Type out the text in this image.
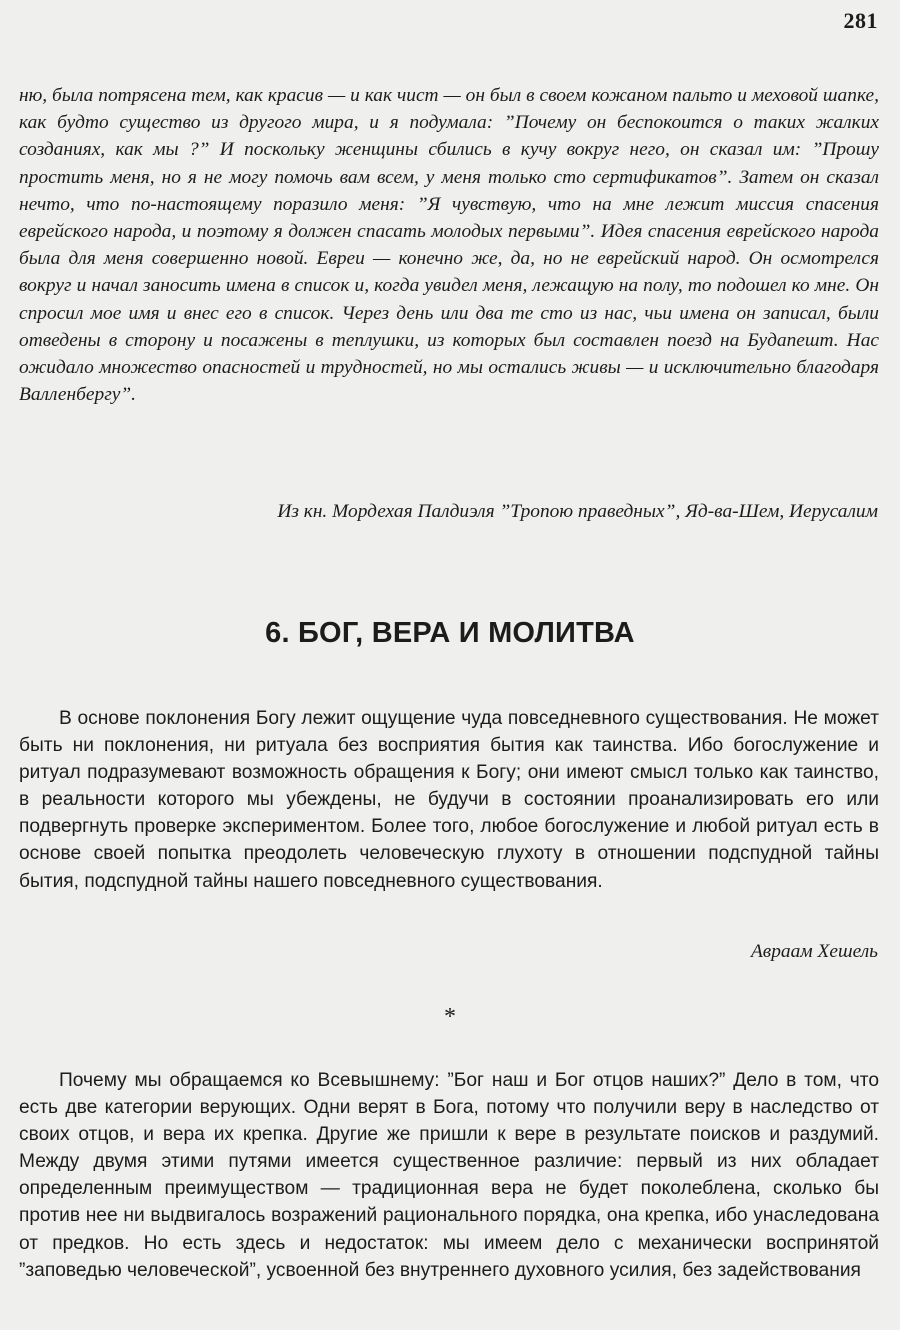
281

ню, была потрясена тем, как красив — и как чист — он был в своем кожаном пальто и меховой шапке, как будто существо из другого мира, и я подумала: ”Почему он беспокоится о таких жалких созданиях, как мы ?” И поскольку женщины сбились в кучу вокруг него, он сказал им: ”Прошу простить меня, но я не могу помочь вам всем, у меня только сто сертификатов”. Затем он сказал нечто, что по-настоящему поразило меня: ”Я чувствую, что на мне лежит миссия спасения еврейского народа, и поэтому я должен спасать молодых первыми”. Идея спасения еврейского народа была для меня совершенно новой. Евреи — конечно же, да, но не еврейский народ. Он осмотрелся вокруг и начал заносить имена в список и, когда увидел меня, лежащую на полу, то подошел ко мне. Он спросил мое имя и внес его в список. Через день или два те сто из нас, чьи имена он записал, были отведены в сторону и посажены в теплушки, из которых был составлен поезд на Будапешт. Нас ожидало множество опасностей и трудностей, но мы остались живы — и исключительно благодаря Валленбергу”.

Из кн. Мордехая Палдиэля ”Тропою праведных”, Яд-ва-Шем, Иерусалим
6. БОГ, ВЕРА И МОЛИТВА

В основе поклонения Богу лежит ощущение чуда повседневного существования. Не может быть ни поклонения, ни ритуала без восприятия бытия как таинства. Ибо богослужение и ритуал подразумевают возможность обращения к Богу; они имеют смысл только как таинство, в реальности которого мы убеждены, не будучи в состоянии проанализировать его или подвергнуть проверке экспериментом. Более того, любое богослужение и любой ритуал есть в основе своей попытка преодолеть человеческую глухоту в отношении подспудной тайны бытия, подспудной тайны нашего повседневного существования.

Авраам Хешель
*

Почему мы обращаемся ко Всевышнему: ”Бог наш и Бог отцов наших?” Дело в том, что есть две категории верующих. Одни верят в Бога, потому что получили веру в наследство от своих отцов, и вера их крепка. Другие же пришли к вере в результате поисков и раздумий. Между двумя этими путями имеется существенное различие: первый из них обладает определенным преимуществом — традиционная вера не будет поколеблена, сколько бы против нее ни выдвигалось возражений рационального порядка, она крепка, ибо унаследована от предков. Но есть здесь и недостаток: мы имеем дело с механически воспринятой ”заповедью человеческой”, усвоенной без внутреннего духовного усилия, без задействования
